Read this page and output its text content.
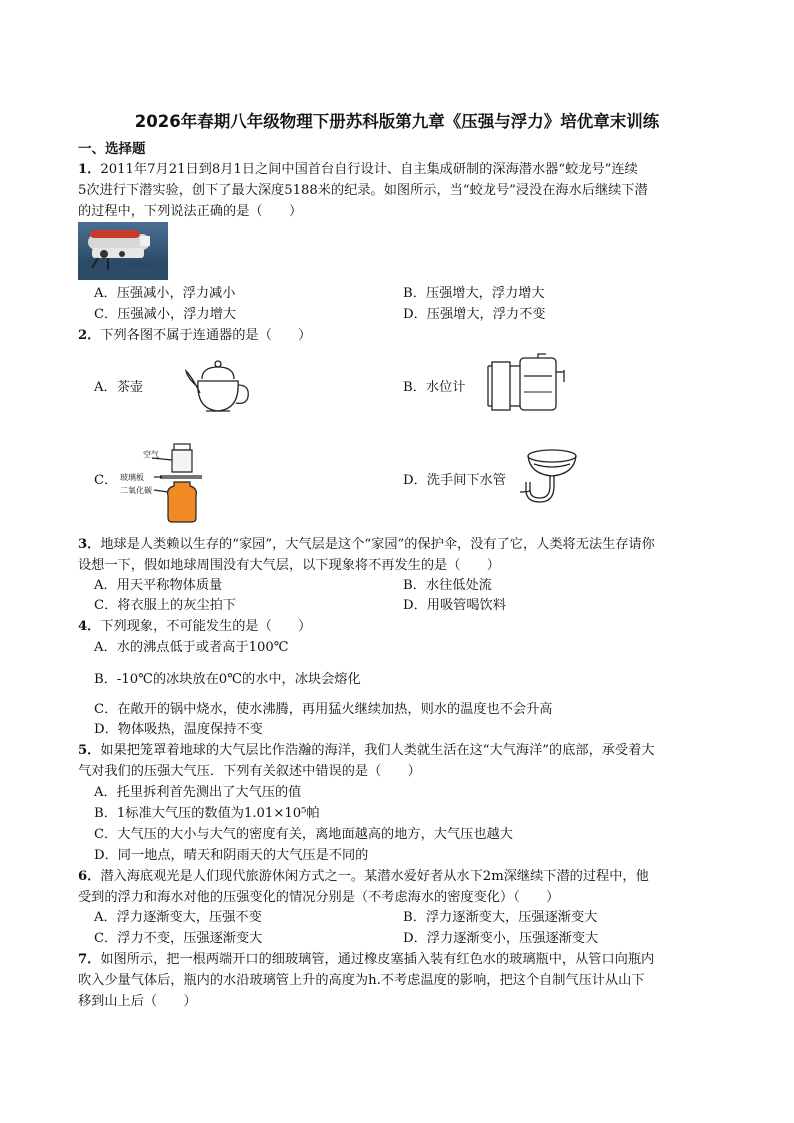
2026年春期八年级物理下册苏科版第九章《压强与浮力》培优章末训练
一、选择题
1．2011年7月21日到8月1日之间中国首台自行设计、自主集成研制的深海潜水器“蛟龙号”连续
5次进行下潜实验，创下了最大深度5188米的纪录。如图所示，当“蛟龙号”浸没在海水后继续下潜
的过程中，下列说法正确的是（　　）
A．压强减小，浮力减小	B．压强增大，浮力增大
C．压强减小，浮力增大	D．压强增大，浮力不变
2．下列各图不属于连通器的是（　　）
A．茶壶	B．水位计
C．
空气
玻璃板
二氧化碳
D．洗手间下水管
3．地球是人类赖以生存的“家园”，大气层是这个“家园”的保护伞，没有了它，人类将无法生存请你
设想一下，假如地球周围没有大气层，以下现象将不再发生的是（　　）
A．用天平称物体质量	B．水往低处流
C．将衣服上的灰尘拍下	D．用吸管喝饮料
4．下列现象，不可能发生的是（　　）
A．水的沸点低于或者高于100℃
B．-10℃的冰块放在0℃的水中，冰块会熔化
C．在敞开的锅中烧水，使水沸腾，再用猛火继续加热，则水的温度也不会升高
D．物体吸热，温度保持不变
5．如果把笼罩着地球的大气层比作浩瀚的海洋，我们人类就生活在这“大气海洋”的底部，承受着大
气对我们的压强大气压．下列有关叙述中错误的是（　　）
A．托里拆利首先测出了大气压的值
B．1标准大气压的数值为1.01×10⁵帕
C．大气压的大小与大气的密度有关，离地面越高的地方，大气压也越大
D．同一地点，晴天和阴雨天的大气压是不同的
6．潜入海底观光是人们现代旅游休闲方式之一。某潜水爱好者从水下2m深继续下潜的过程中，他
受到的浮力和海水对他的压强变化的情况分别是（不考虑海水的密度变化）（　　）
A．浮力逐渐变大，压强不变	B．浮力逐渐变大，压强逐渐变大
C．浮力不变，压强逐渐变大	D．浮力逐渐变小，压强逐渐变大
7．如图所示，把一根两端开口的细玻璃管，通过橡皮塞插入装有红色水的玻璃瓶中，从管口向瓶内
吹入少量气体后，瓶内的水沿玻璃管上升的高度为h.不考虑温度的影响，把这个自制气压计从山下
移到山上后（　　）
